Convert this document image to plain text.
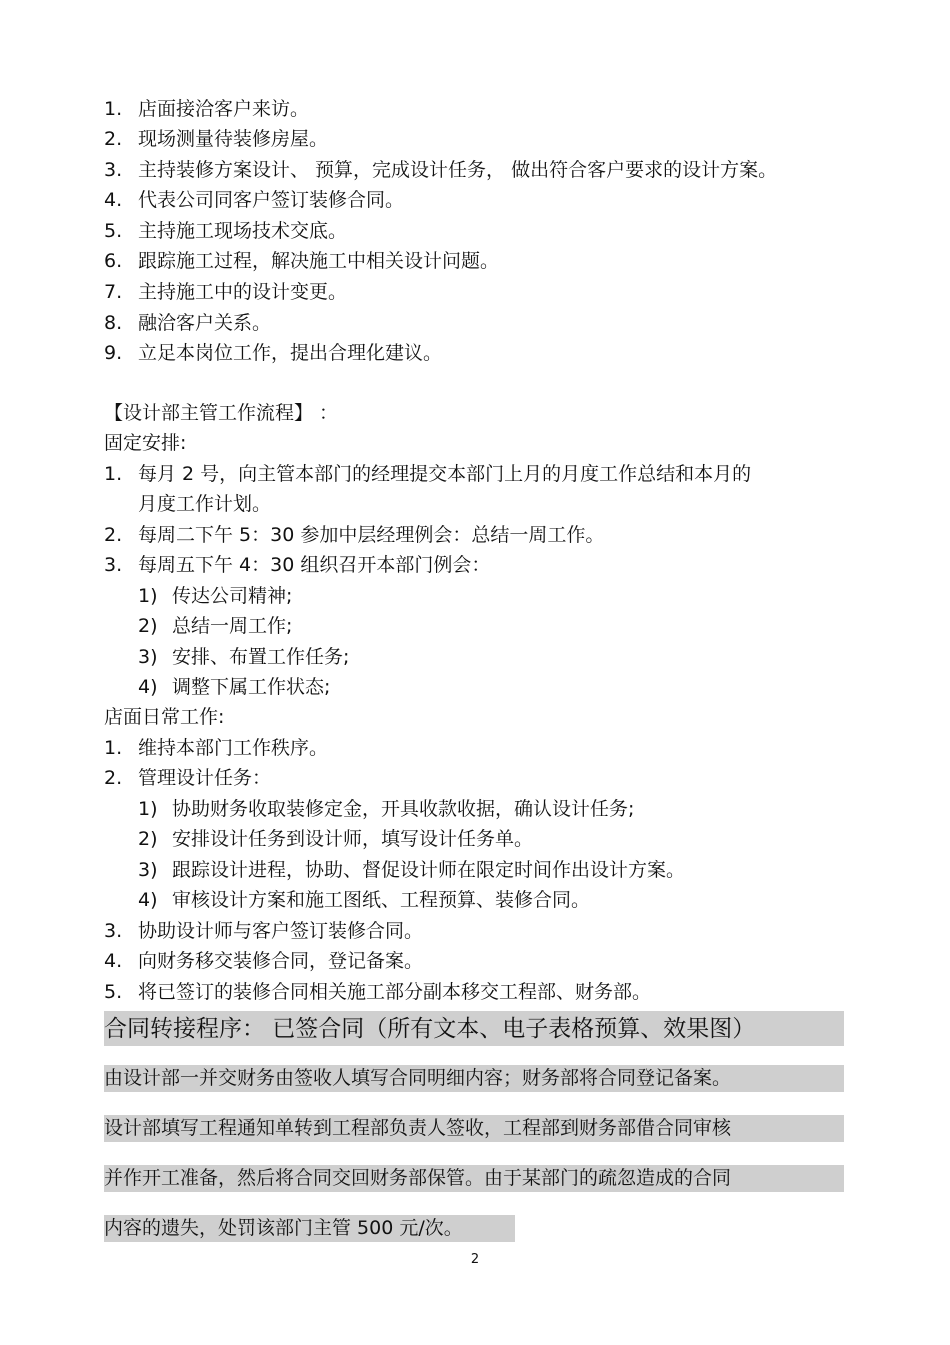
1. 店面接洽客户来访。
2. 现场测量待装修房屋。
3. 主持装修方案设计、 预算，完成设计任务， 做出符合客户要求的设计方案。
4. 代表公司同客户签订装修合同。
5. 主持施工现场技术交底。
6. 跟踪施工过程，解决施工中相关设计问题。
7. 主持施工中的设计变更。
8. 融洽客户关系。
9. 立足本岗位工作，提出合理化建议。
【设计部主管工作流程】 ：
固定安排:
1. 每月 2 号，向主管本部门的经理提交本部门上月的月度工作总结和本月的
月度工作计划。
2. 每周二下午 5：30 参加中层经理例会：总结一周工作。
3. 每周五下午 4：30 组织召开本部门例会：
1) 传达公司精神;
2) 总结一周工作;
3) 安排、布置工作任务;
4) 调整下属工作状态;
店面日常工作:
1. 维持本部门工作秩序。
2. 管理设计任务：
1) 协助财务收取装修定金，开具收款收据，确认设计任务;
2) 安排设计任务到设计师，填写设计任务单。
3) 跟踪设计进程，协助、督促设计师在限定时间作出设计方案。
4) 审核设计方案和施工图纸、工程预算、装修合同。
3. 协助设计师与客户签订装修合同。
4. 向财务移交装修合同，登记备案。
5. 将已签订的装修合同相关施工部分副本移交工程部、财务部。
合同转接程序： 已签合同（所有文本、电子表格预算、效果图）
由设计部一并交财务由签收人填写合同明细内容；财务部将合同登记备案。
设计部填写工程通知单转到工程部负责人签收，工程部到财务部借合同审核
并作开工准备，然后将合同交回财务部保管。由于某部门的疏忽造成的合同
内容的遗失，处罚该部门主管 500 元/次。
2
